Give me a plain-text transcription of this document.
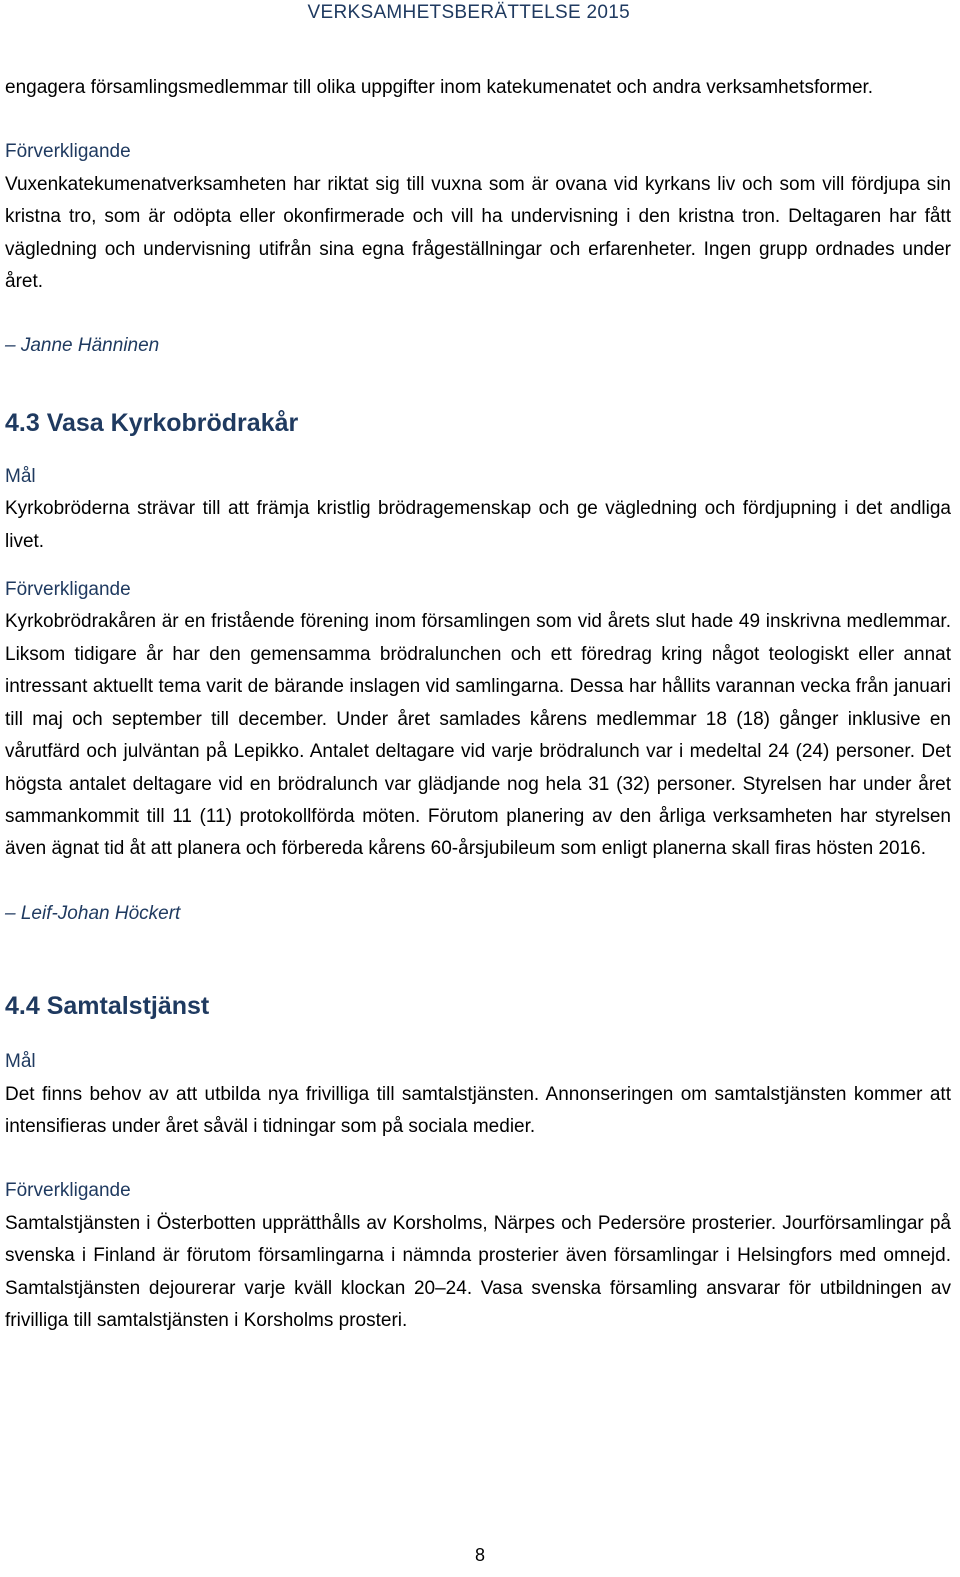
VERKSAMHETSBERÄTTELSE 2015

engagera församlingsmedlemmar till olika uppgifter inom katekumenatet och andra verksamhetsformer.

Förverkligande

Vuxenkatekumenatverksamheten har riktat sig till vuxna som är ovana vid kyrkans liv och som vill fördjupa sin kristna tro, som är odöpta eller okonfirmerade och vill ha undervisning i den kristna tron. Deltagaren har fått vägledning och undervisning utifrån sina egna frågeställningar och erfarenheter. Ingen grupp ordnades under året.

– Janne Hänninen

4.3 Vasa Kyrkobrödrakår

Mål

Kyrkobröderna strävar till att främja kristlig brödragemenskap och ge vägledning och fördjupning i det andliga livet.

Förverkligande

Kyrkobrödrakåren är en fristående förening inom församlingen som vid årets slut hade 49 inskrivna medlemmar. Liksom tidigare år har den gemensamma brödralunchen och ett föredrag kring något teologiskt eller annat intressant aktuellt tema varit de bärande inslagen vid samlingarna. Dessa har hållits varannan vecka från januari till maj och september till december. Under året samlades kårens medlemmar 18 (18) gånger inklusive en vårutfärd och julväntan på Lepikko. Antalet deltagare vid varje brödralunch var i medeltal 24 (24) personer. Det högsta antalet deltagare vid en brödralunch var glädjande nog hela 31 (32) personer. Styrelsen har under året sammankommit till 11 (11) protokollförda möten. Förutom planering av den årliga verksamheten har styrelsen även ägnat tid åt att planera och förbereda kårens 60-årsjubileum som enligt planerna skall firas hösten 2016.

– Leif-Johan Höckert

4.4 Samtalstjänst

Mål

Det finns behov av att utbilda nya frivilliga till samtalstjänsten. Annonseringen om samtalstjänsten kommer att intensifieras under året såväl i tidningar som på sociala medier.

Förverkligande

Samtalstjänsten i Österbotten upprätthålls av Korsholms, Närpes och Pedersöre prosterier. Jourförsamlingar på svenska i Finland är förutom församlingarna i nämnda prosterier även församlingar i Helsingfors med omnejd. Samtalstjänsten dejourerar varje kväll klockan 20–24. Vasa svenska församling ansvarar för utbildningen av frivilliga till samtalstjänsten i Korsholms prosteri.

8
